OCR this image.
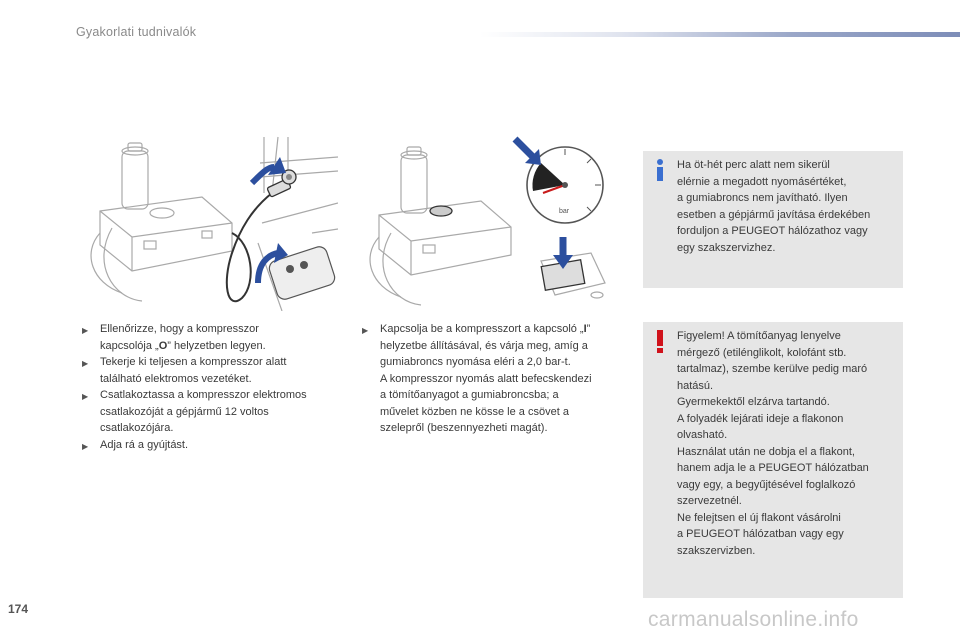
Gyakorlati tudnivalók
bar
▶	Ellenőrizze, hogy a kompresszor
kapcsolója „O” helyzetben legyen.
▶	Tekerje ki teljesen a kompresszor alatt
található elektromos vezetéket.
▶	Csatlakoztassa a kompresszor elektromos
csatlakozóját a gépjármű 12 voltos
csatlakozójára.
▶	Adja rá a gyújtást.
▶	Kapcsolja be a kompresszort a kapcsoló „I”
helyzetbe állításával, és várja meg, amíg a
gumiabroncs nyomása eléri a 2,0 bar-t.
A kompresszor nyomás alatt befecskendezi
a tömítőanyagot a gumiabroncsba; a
művelet közben ne kösse le a csövet a
szelepről (beszennyezheti magát).

Ha öt-hét perc alatt nem sikerül

elérnie a megadott nyomásértéket,

a gumiabroncs nem javítható. Ilyen

esetben a gépjármű javítása érdekében

forduljon a PEUGEOT hálózathoz vagy

egy szakszervizhez.

Figyelem! A tömítőanyag lenyelve

mérgező (etilénglikolt, kolofánt stb.

tartalmaz), szembe kerülve pedig maró

hatású.

Gyermekektől elzárva tartandó.

A folyadék lejárati ideje a flakonon

olvasható.

Használat után ne dobja el a flakont,

hanem adja le a PEUGEOT hálózatban

vagy egy, a begyűjtésével foglalkozó

szervezetnél.

Ne felejtsen el új flakont vásárolni

a PEUGEOT hálózatban vagy egy

szakszervizben.

174	carmanualsonline.info
